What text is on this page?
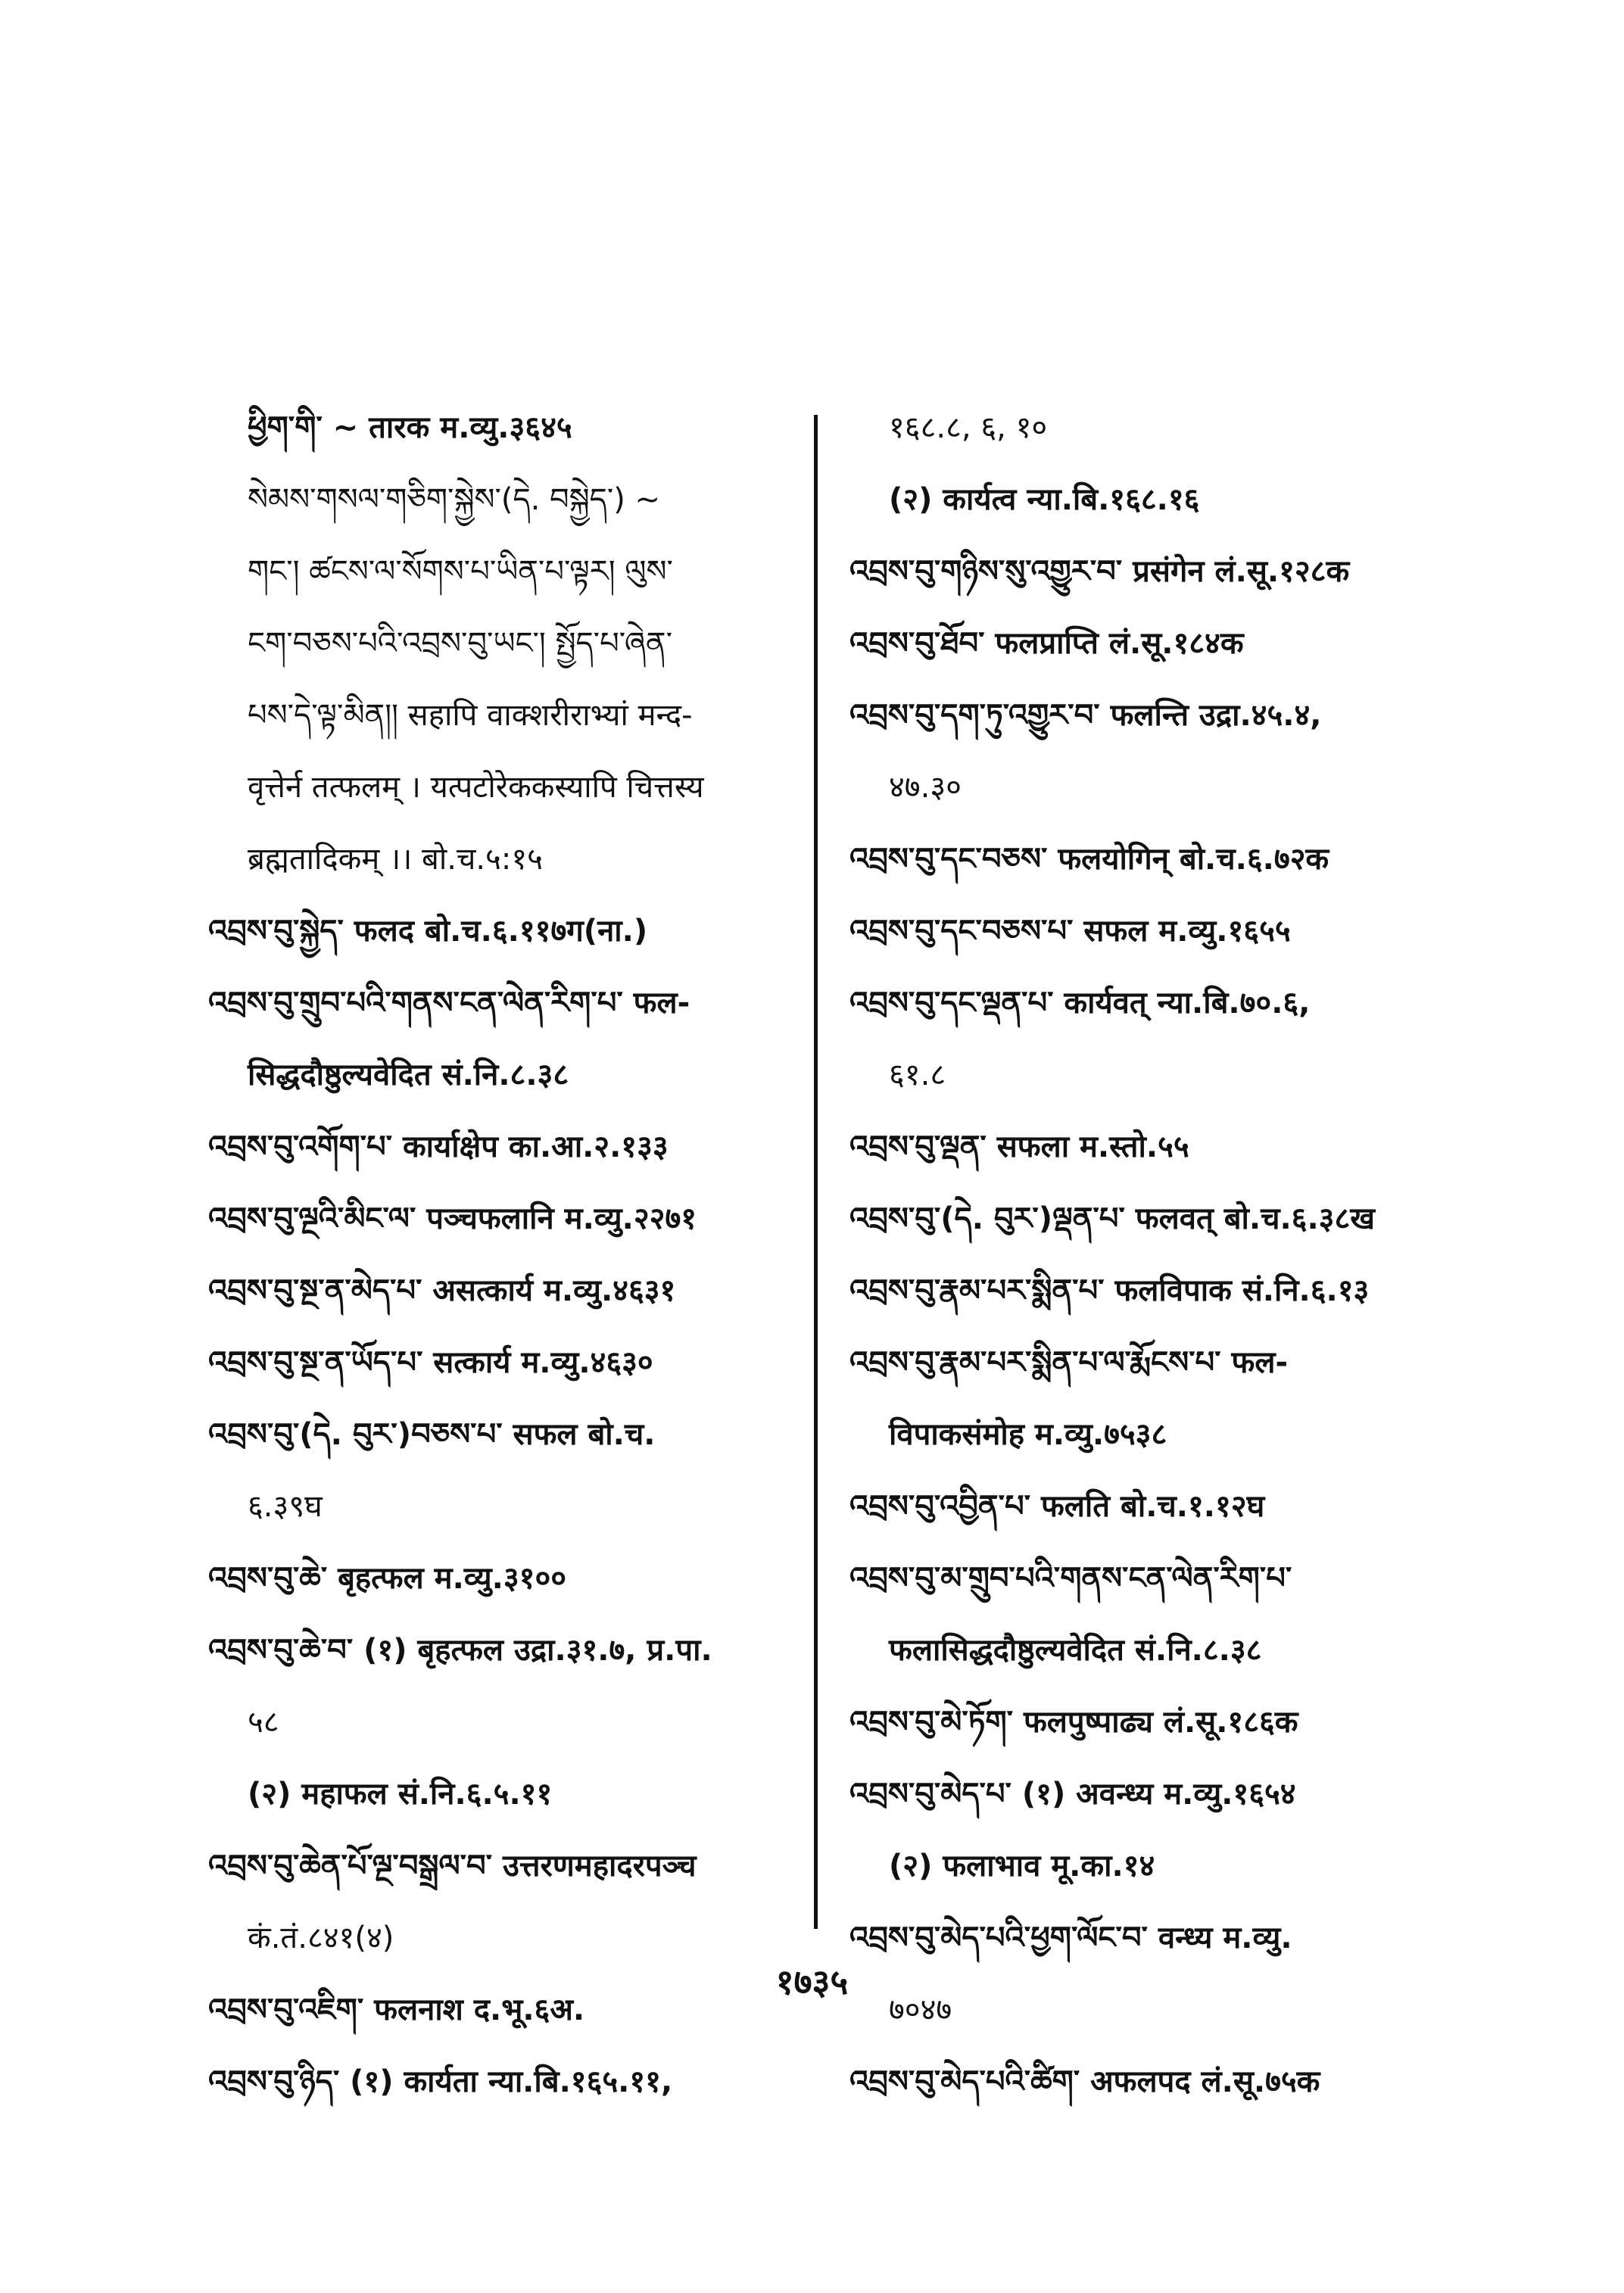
ཕྱིག་གི་ ~ तारक म.व्यु.३६४५
སེམས་གསལ་གཅིག་སྐྱེས་(དེ. བསྐྱེད་) ~
གང་། ཚངས་ལ་སོགས་པ་ཡིན་པ་ལྟར། ལུས་
ངག་བཅས་པའི་འབྲས་བུ་ཡང་། སྤྱོད་པ་ཞེན་
པས་དེ་ལྟ་མིན།། सहापि वाक्शरीराभ्यां मन्द-
वृत्तेर्न तत्फलम् । यत्पटोरेककस्यापि चित्तस्य
ब्रह्मतादिकम् ।। बो.च.५:१५
འབྲས་བུ་སྐྱེད་ फलद बो.च.६.११७ग(ना.)
འབྲས་བུ་གྲུབ་པའི་གནས་ངན་ལེན་རིག་པ་ फल-
सिद्धदौष्ठुल्यवेदित सं.नि.८.३८
འབྲས་བུ་འགོག་པ་ कार्याक्षेप का.आ.२.१३३
འབྲས་བུ་ལྔའི་མིང་ལ་ पञ्चफलानि म.व्यु.२२७१
འབྲས་བུ་སྔ་ན་མེད་པ་ असत्कार्य म.व्यु.४६३१
འབྲས་བུ་སྔ་ན་ཡོད་པ་ सत्कार्य म.व्यु.४६३०
འབྲས་བུ་(དེ. བུར་)བཅས་པ་ सफल बो.च.
६.३९घ
འབྲས་བུ་ཆེ་ बृहत्फल म.व्यु.३१००
འབྲས་བུ་ཆེ་བ་ (१) बृहत्फल उद्रा.३१.७, प्र.पा.
५८
(२) महाफल सं.नि.६.५.११
འབྲས་བུ་ཆེན་པོ་ལྔ་བསྒྲལ་བ་ उत्तरणमहादरपञ्च
कं.तं.८४१(४)
འབྲས་བུ་འཇིག་ फलनाश द.भू.६अ.
འབྲས་བུ་ཉིད་ (१) कार्यता न्या.बि.१६५.११,
१६८.८, ६, १०
(२) कार्यत्व न्या.बि.१६८.१६
འབྲས་བུ་གཉིས་སུ་འགྱུར་བ་ प्रसंगेन लं.सू.१२८क
འབྲས་བུ་ཐོབ་ फलप्राप्ति लं.सू.१८४क
འབྲས་བུ་དག་ཏུ་འགྱུར་བ་ फलन्ति उद्रा.४५.४,
४७.३०
འབྲས་བུ་དང་བཅས་ फलयोगिन् बो.च.६.७२क
འབྲས་བུ་དང་བཅས་པ་ सफल म.व्यु.१६५५
འབྲས་བུ་དང་ལྡན་པ་ कार्यवत् न्या.बि.७०.६,
६१.८
འབྲས་བུ་ལྡན་ सफला म.स्तो.५५
འབྲས་བུ་(དེ. བུར་)ལྡན་པ་ फलवत् बो.च.६.३८ख
འབྲས་བུ་རྣམ་པར་སྨིན་པ་ फलविपाक सं.नि.६.१३
འབྲས་བུ་རྣམ་པར་སྨིན་པ་ལ་རྨོངས་པ་ फल-
विपाकसंमोह म.व्यु.७५३८
འབྲས་བུ་འབྱིན་པ་ फलति बो.च.१.१२घ
འབྲས་བུ་མ་གྲུབ་པའི་གནས་ངན་ལེན་རིག་པ་
फलासिद्धदौष्ठुल्यवेदित सं.नि.८.३८
འབྲས་བུ་མེ་ཏོག་ फलपुष्पाढ्य लं.सू.१८६क
འབྲས་བུ་མེད་པ་ (१) अवन्ध्य म.व्यु.१६५४
(२) फलाभाव मू.का.१४
འབྲས་བུ་མེད་པའི་ཕྱག་ལོང་བ་ वन्ध्य म.व्यु.
७०४७
འབྲས་བུ་མེད་པའི་ཚིག་ अफलपद लं.सू.७५क
१७३५
